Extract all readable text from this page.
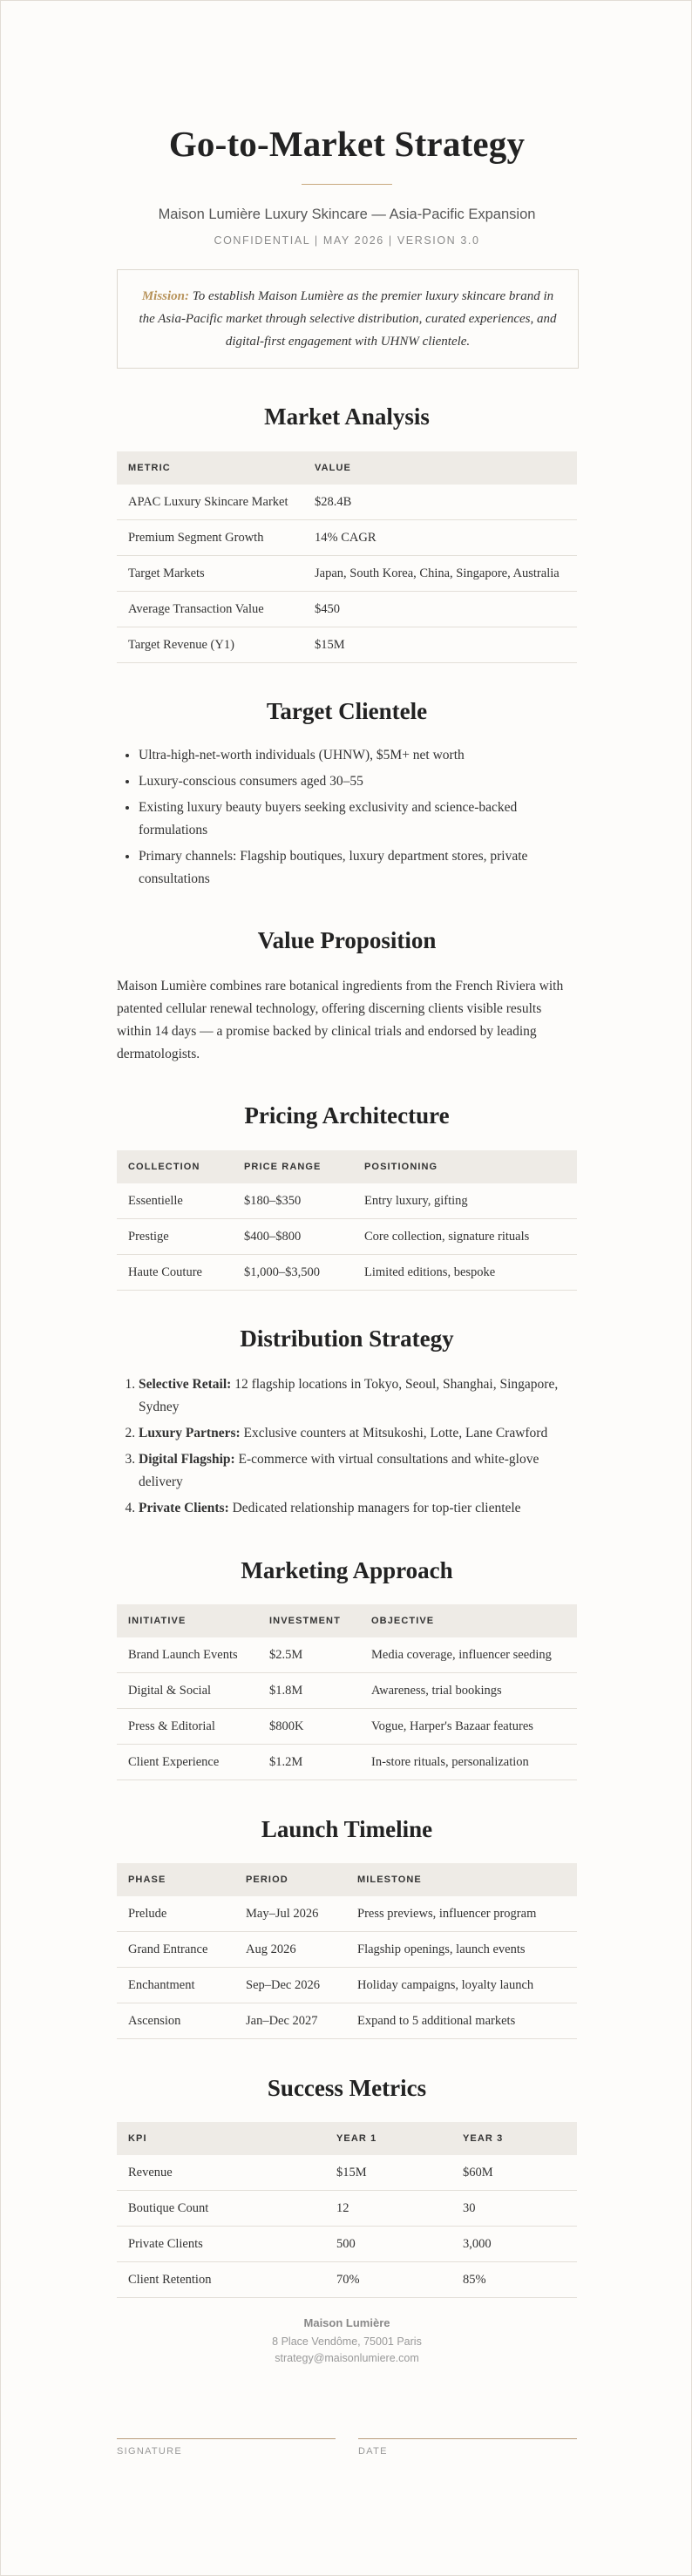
Go-to-Market Strategy
Maison Lumière Luxury Skincare — Asia-Pacific Expansion
CONFIDENTIAL | MAY 2026 | VERSION 3.0
Mission: To establish Maison Lumière as the premier luxury skincare brand in the Asia-Pacific market through selective distribution, curated experiences, and digital-first engagement with UHNW clientele.
Market Analysis
METRIC	VALUE
APAC Luxury Skincare Market	$28.4B
Premium Segment Growth	14% CAGR
Target Markets	Japan, South Korea, China, Singapore, Australia
Average Transaction Value	$450
Target Revenue (Y1)	$15M
Target Clientele
• Ultra-high-net-worth individuals (UHNW), $5M+ net worth
• Luxury-conscious consumers aged 30–55
• Existing luxury beauty buyers seeking exclusivity and science-backed formulations
• Primary channels: Flagship boutiques, luxury department stores, private consultations
Value Proposition

Maison Lumière combines rare botanical ingredients from the French Riviera with patented cellular renewal technology, offering discerning clients visible results within 14 days — a promise backed by clinical trials and endorsed by leading dermatologists.

Pricing Architecture
COLLECTION	PRICE RANGE	POSITIONING
Essentielle	$180–$350	Entry luxury, gifting
Prestige	$400–$800	Core collection, signature rituals
Haute Couture	$1,000–$3,500	Limited editions, bespoke
Distribution Strategy
1. Selective Retail: 12 flagship locations in Tokyo, Seoul, Shanghai, Singapore, Sydney
2. Luxury Partners: Exclusive counters at Mitsukoshi, Lotte, Lane Crawford
3. Digital Flagship: E-commerce with virtual consultations and white-glove delivery
4. Private Clients: Dedicated relationship managers for top-tier clientele
Marketing Approach
INITIATIVE	INVESTMENT	OBJECTIVE
Brand Launch Events	$2.5M	Media coverage, influencer seeding
Digital & Social	$1.8M	Awareness, trial bookings
Press & Editorial	$800K	Vogue, Harper's Bazaar features
Client Experience	$1.2M	In-store rituals, personalization
Launch Timeline
PHASE	PERIOD	MILESTONE
Prelude	May–Jul 2026	Press previews, influencer program
Grand Entrance	Aug 2026	Flagship openings, launch events
Enchantment	Sep–Dec 2026	Holiday campaigns, loyalty launch
Ascension	Jan–Dec 2027	Expand to 5 additional markets
Success Metrics
KPI	YEAR 1	YEAR 3
Revenue	$15M	$60M
Boutique Count	12	30
Private Clients	500	3,000
Client Retention	70%	85%
Maison Lumière
8 Place Vendôme, 75001 Paris
strategy@maisonlumiere.com
SIGNATURE	DATE
